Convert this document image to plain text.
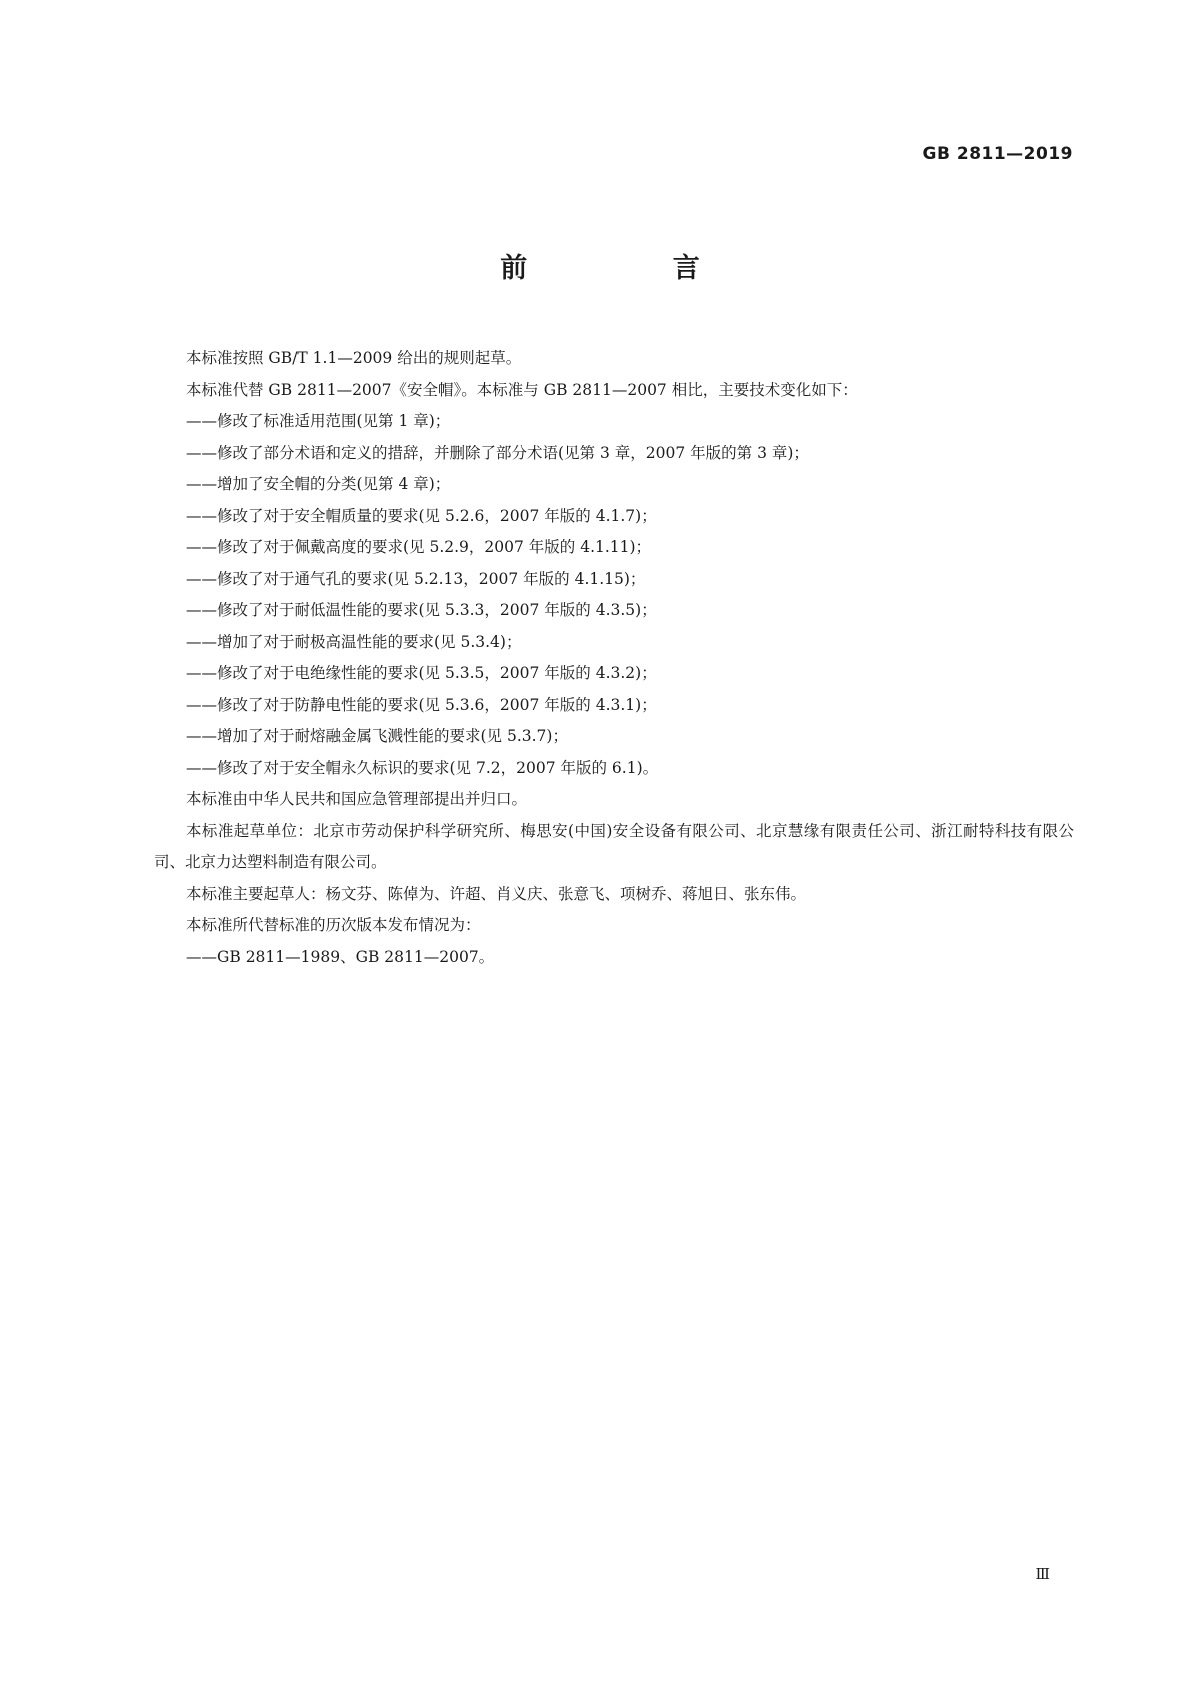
GB 2811—2019
前 言

本标准按照 GB/T 1.1—2009 给出的规则起草。

本标准代替 GB 2811—2007《安全帽》。本标准与 GB 2811—2007 相比，主要技术变化如下：

——修改了标准适用范围(见第 1 章)；

——修改了部分术语和定义的措辞，并删除了部分术语(见第 3 章，2007 年版的第 3 章)；

——增加了安全帽的分类(见第 4 章)；

——修改了对于安全帽质量的要求(见 5.2.6，2007 年版的 4.1.7)；

——修改了对于佩戴高度的要求(见 5.2.9，2007 年版的 4.1.11)；

——修改了对于通气孔的要求(见 5.2.13，2007 年版的 4.1.15)；

——修改了对于耐低温性能的要求(见 5.3.3，2007 年版的 4.3.5)；

——增加了对于耐极高温性能的要求(见 5.3.4)；

——修改了对于电绝缘性能的要求(见 5.3.5，2007 年版的 4.3.2)；

——修改了对于防静电性能的要求(见 5.3.6，2007 年版的 4.3.1)；

——增加了对于耐熔融金属飞溅性能的要求(见 5.3.7)；

——修改了对于安全帽永久标识的要求(见 7.2，2007 年版的 6.1)。

本标准由中华人民共和国应急管理部提出并归口。

本标准起草单位：北京市劳动保护科学研究所、梅思安(中国)安全设备有限公司、北京慧缘有限责任公司、浙江耐特科技有限公司、北京力达塑料制造有限公司。

本标准主要起草人：杨文芬、陈倬为、许超、肖义庆、张意飞、项树乔、蒋旭日、张东伟。

本标准所代替标准的历次版本发布情况为：

——GB 2811—1989、GB 2811—2007。

Ⅲ
